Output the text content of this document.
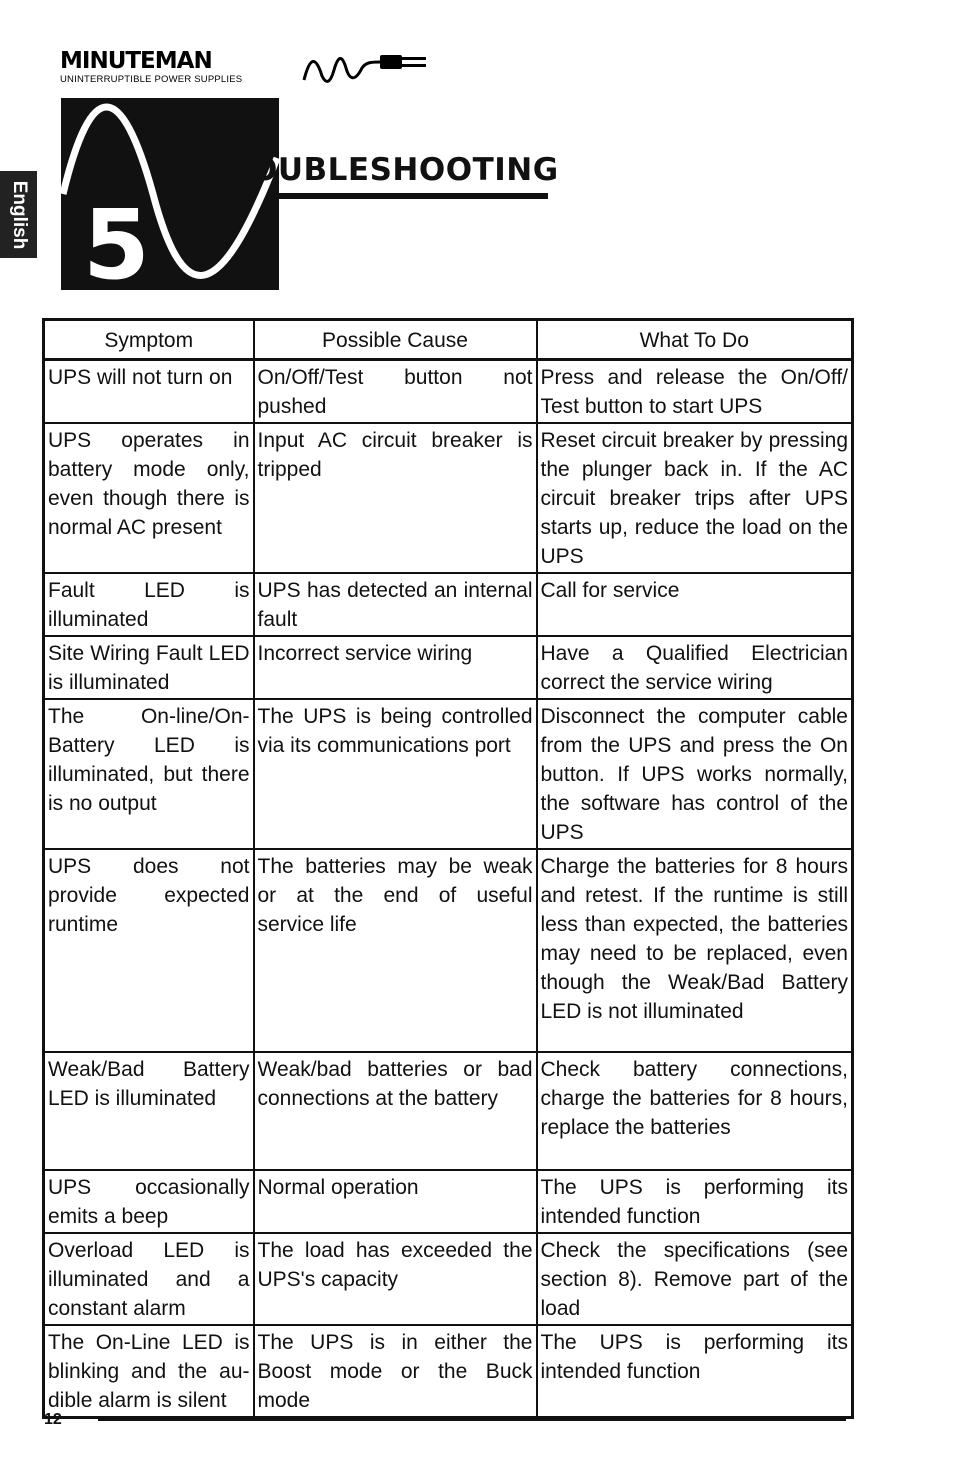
MINUTEMAN
UNINTERRUPTIBLE POWER SUPPLIES
English 5
TROUBLESHOOTING
Symptom	Possible Cause	What To Do
UPS will not turn on	On/Off/Test button not pushed	Press and release the On/Off/ Test button to start UPS
UPS operates in battery mode only, even though there is normal AC present	Input AC circuit breaker is tripped	Reset circuit breaker by pressing the plunger back in. If the AC circuit breaker trips after UPS starts up, reduce the load on the UPS
Fault LED is illuminated	UPS has detected an internal fault	Call for service
Site Wiring Fault LED is illuminated	Incorrect service wiring	Have a Qualified Electrician correct the service wiring
The On-line/On-Battery LED is illuminated, but there is no output	The UPS is being controlled via its communications port	Disconnect the computer cable from the UPS and press the On button. If UPS works normally, the software has control of the UPS
UPS does not provide expected runtime	The batteries may be weak or at the end of useful service life	Charge the batteries for 8 hours and retest. If the runtime is still less than expected, the batteries may need to be replaced, even though the Weak/Bad Battery LED is not illuminated
Weak/Bad Battery LED is illuminated	Weak/bad batteries or bad connections at the battery	Check battery connections, charge the batteries for 8 hours, replace the batteries
UPS occasionally emits a beep	Normal operation	The UPS is performing its intended function
Overload LED is illuminated and a constant alarm	The load has exceeded the UPS's capacity	Check the specifications (see section 8). Remove part of the load
The On-Line LED is blinking and the au-dible alarm is silent	The UPS is in either the Boost mode or the Buck mode	The UPS is performing its intended function
12
